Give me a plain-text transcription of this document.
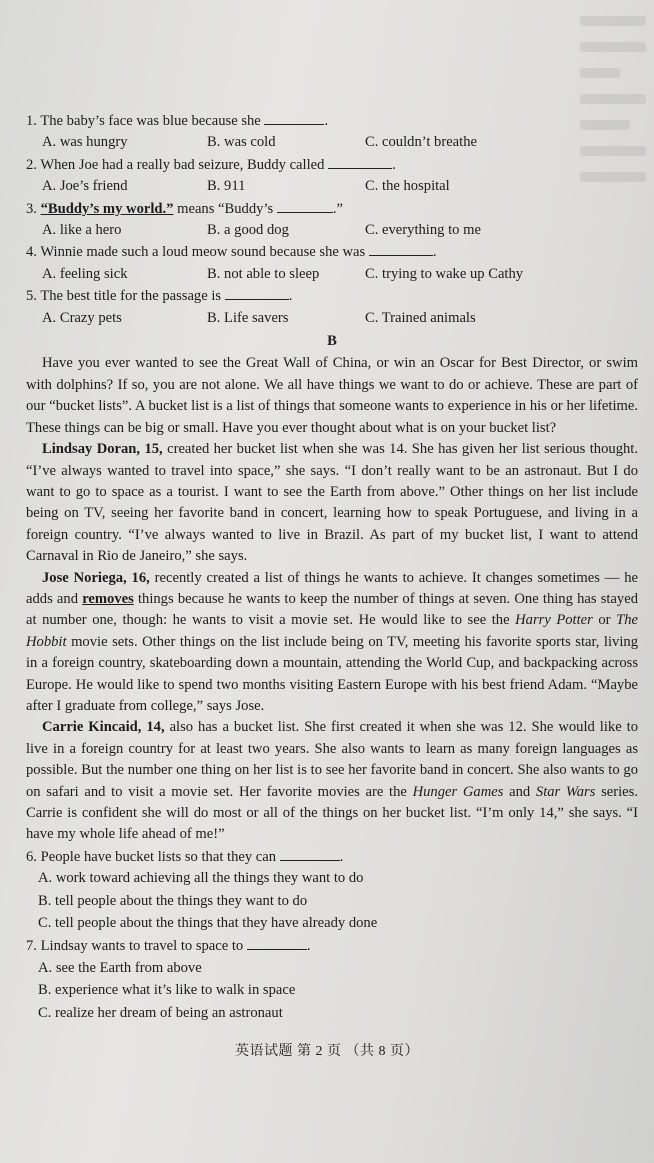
1. The baby’s face was blue because she	.

A. was hungry	B. was cold	C. couldn’t breathe

2. When Joe had a really bad seizure, Buddy called	.

A. Joe’s friend	B. 911	C. the hospital

3. “Buddy’s my world.” means “Buddy’s	.”

A. like a hero	B. a good dog	C. everything to me

4. Winnie made such a loud meow sound because she was	.

A. feeling sick	B. not able to sleep	C. trying to wake up Cathy

5. The best title for the passage is	.

A. Crazy pets	B. Life savers	C. Trained animals
B

Have you ever wanted to see the Great Wall of China, or win an Oscar for Best Director, or swim with dolphins? If so, you are not alone. We all have things we want to do or achieve. These are part of our “bucket lists”. A bucket list is a list of things that someone wants to experience in his or her lifetime. These things can be big or small. Have you ever thought about what is on your bucket list?

Lindsay Doran, 15, created her bucket list when she was 14. She has given her list serious thought. “I’ve always wanted to travel into space,” she says. “I don’t really want to be an astronaut. But I do want to go to space as a tourist. I want to see the Earth from above.” Other things on her list include being on TV, seeing her favorite band in concert, learning how to speak Portuguese, and living in a foreign country. “I’ve always wanted to live in Brazil. As part of my bucket list, I want to attend Carnaval in Rio de Janeiro,” she says.

Jose Noriega, 16, recently created a list of things he wants to achieve. It changes sometimes — he adds and removes things because he wants to keep the number of things at seven. One thing has stayed at number one, though: he wants to visit a movie set. He would like to see the Harry Potter or The Hobbit movie sets. Other things on the list include being on TV, meeting his favorite sports star, living in a foreign country, skateboarding down a mountain, attending the World Cup, and backpacking across Europe. He would like to spend two months visiting Eastern Europe with his best friend Adam. “Maybe after I graduate from college,” says Jose.

Carrie Kincaid, 14, also has a bucket list. She first created it when she was 12. She would like to live in a foreign country for at least two years. She also wants to learn as many foreign languages as possible. But the number one thing on her list is to see her favorite band in concert. She also wants to go on safari and to visit a movie set. Her favorite movies are the Hunger Games and Star Wars series. Carrie is confident she will do most or all of the things on her bucket list. “I’m only 14,” she says. “I have my whole life ahead of me!”

6. People have bucket lists so that they can	.

A. work toward achieving all the things they want to do

B. tell people about the things they want to do

C. tell people about the things that they have already done

7. Lindsay wants to travel to space to	.

A. see the Earth from above

B. experience what it’s like to walk in space

C. realize her dream of being an astronaut

英语试题 第 2 页 （共 8 页）
